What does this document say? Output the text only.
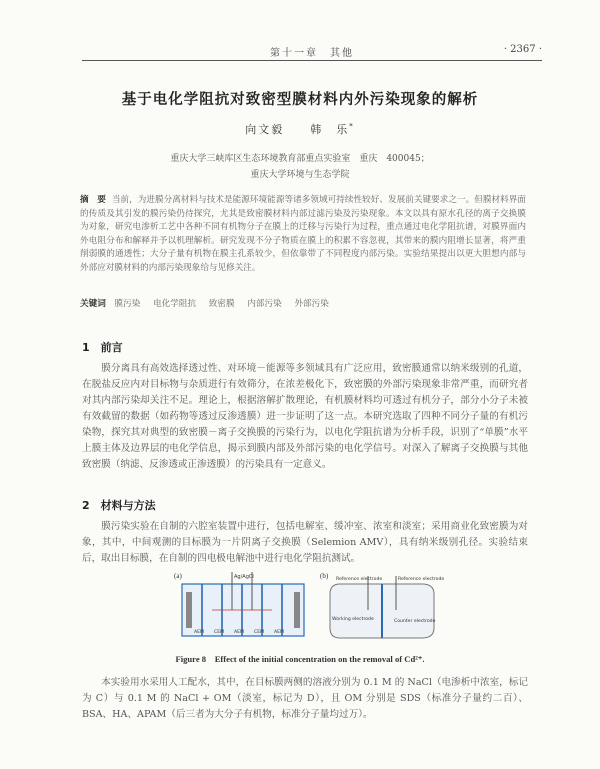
第十一章　其他	· 2367 ·
基于电化学阻抗对致密型膜材料内外污染现象的解析
向文毅　　韩　乐*
重庆大学三峡库区生态环境教育部重点实验室　重庆　400045；
重庆大学环境与生态学院
摘　要 当前，为进膜分离材料与技术是能源环境能源等诸多领域可持续性较好、发展前关键要求之一。但膜材料界面的传质及其引发的膜污染仍待探究，尤其是致密膜材料内部过滤污染及污染现象。本文以具有原水孔径的离子交换膜为对象，研究电渗析工艺中各种不同有机物分子在膜上的迁移与污染行为过程，重点通过电化学阻抗谱，对膜界面内外电阻分布和解释并予以机理解析。研究发现不分子物质在膜上的积累不容忽视，其带来的膜内阻增长显著，将严重削弱膜的通透性；大分子量有机物在膜主孔系较少，但依靠带了不同程度内部污染。实验结果提出以更大胆想内部与外部应对膜材料的内部污染现象给与见修关注。
关键词 膜污染 电化学阻抗 致密膜 内部污染 外部污染
1　前言
膜分离具有高效选择透过性、对环境－能源等多领域具有广泛应用，致密膜通常以纳米级别的孔道，在脱盐反应内对目标物与杂质进行有效筛分，在浓差极化下，致密膜的外部污染现象非常严重，而研究者对其内部污染却关注不足。理论上，根据溶解扩散理论，有机膜材料均可透过有机分子，部分小分子未被有效截留的数据（如药物等透过反渗透膜）进一步证明了这一点。本研究选取了四种不同分子量的有机污染物，探究其对典型的致密膜－离子交换膜的污染行为，以电化学阻抗谱为分析手段，识别了“单膜”水平上膜主体及边界层的电化学信息，揭示到膜内部及外部污染的电化学信号。对深入了解离子交换膜与其他致密膜（纳滤、反渗透或正渗透膜）的污染具有一定意义。
2　材料与方法
膜污染实验在自制的六腔室装置中进行，包括电解室、缓冲室、浓室和淡室；采用商业化致密膜为对象，其中，中间观测的目标膜为一片阴离子交换膜（Selemion AMV），具有纳米级别孔径。实验结束后，取出目标膜，在自制的四电极电解池中进行电化学阻抗测试。
(a)	Ag/AgCl
AEM CEM AEM CEM AEM
(b) Reference electrode	Reference electrode
Working electrode	Counter electrode
Figure 8　Effect of the initial concentration on the removal of Cd²⁺.
本实验用水采用人工配水，其中，在目标膜两侧的溶液分别为 0.1 M 的 NaCl（电渗析中浓室，标记为 C）与 0.1 M 的 NaCl + OM（淡室，标记为 D），且 OM 分别是 SDS（标准分子量约二百）、BSA、HA、APAM（后三者为大分子有机物，标准分子量均过万）。
